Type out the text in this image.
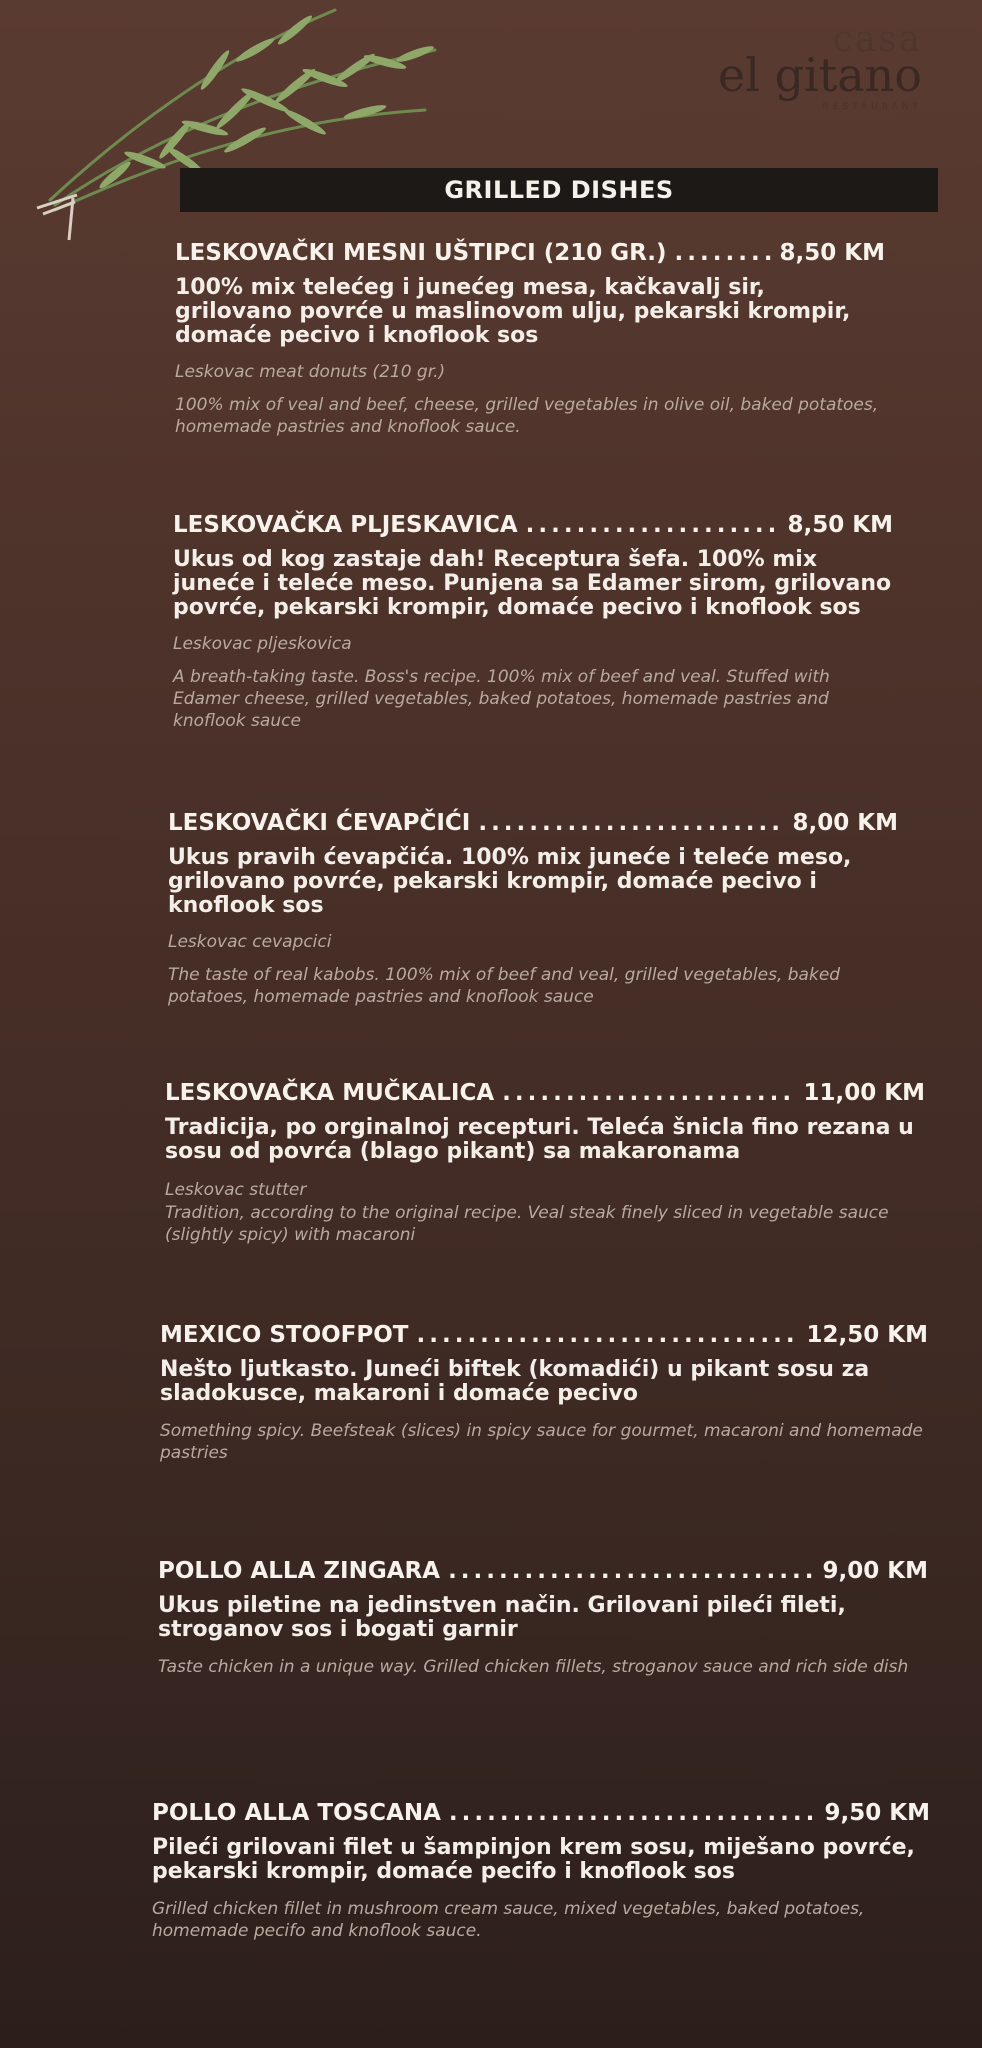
casa
el gitano
RESTAURANT
GRILLED DISHES
LESKOVAČKI MESNI UŠTIPCI (210 GR.) .....	8,50 KM
100% mix telećeg i junećeg mesa, kačkavalj sir, grilovano povrće u maslinovom ulju, pekarski krompir, domaće pecivo i knoflook sos
Leskovac meat donuts (210 gr.)
100% mix of veal and beef, cheese, grilled vegetables in olive oil, baked potatoes, homemade pastries and knoflook sauce.
LESKOVAČKA PLJESKAVICA .....	8,50 KM
Ukus od kog zastaje dah! Receptura šefa. 100% mix juneće i teleće meso. Punjena sa Edamer sirom, grilovano povrće, pekarski krompir, domaće pecivo i knoflook sos
Leskovac pljeskovica
A breath-taking taste. Boss's recipe. 100% mix of beef and veal. Stuffed with Edamer cheese, grilled vegetables, baked potatoes, homemade pastries and knoflook sauce
LESKOVAČKI ĆEVAPČIĆI .....	8,00 KM
Ukus pravih ćevapčića. 100% mix juneće i teleće meso, grilovano povrće, pekarski krompir, domaće pecivo i knoflook sos
Leskovac cevapcici
The taste of real kabobs. 100% mix of beef and veal, grilled vegetables, baked potatoes, homemade pastries and knoflook sauce
LESKOVAČKA MUČKALICA .....	11,00 KM
Tradicija, po orginalnoj recepturi. Teleća šnicla fino rezana u sosu od povrća (blago pikant) sa makaronama
Leskovac stutter
Tradition, according to the original recipe. Veal steak finely sliced in vegetable sauce (slightly spicy) with macaroni
MEXICO STOOFPOT .....	12,50 KM
Nešto ljutkasto. Juneći biftek (komadići) u pikant sosu za sladokusce, makaroni i domaće pecivo
Something spicy. Beefsteak (slices) in spicy sauce for gourmet, macaroni and homemade pastries
POLLO ALLA ZINGARA .....	9,00 KM
Ukus piletine na jedinstven način. Grilovani pileći fileti, stroganov sos i bogati garnir
Taste chicken in a unique way. Grilled chicken fillets, stroganov sauce and rich side dish
POLLO ALLA TOSCANA .....	9,50 KM
Pileći grilovani filet u šampinjon krem sosu, miješano povrće, pekarski krompir, domaće pecifo i knoflook sos
Grilled chicken fillet in mushroom cream sauce, mixed vegetables, baked potatoes, homemade pecifo and knoflook sauce.
